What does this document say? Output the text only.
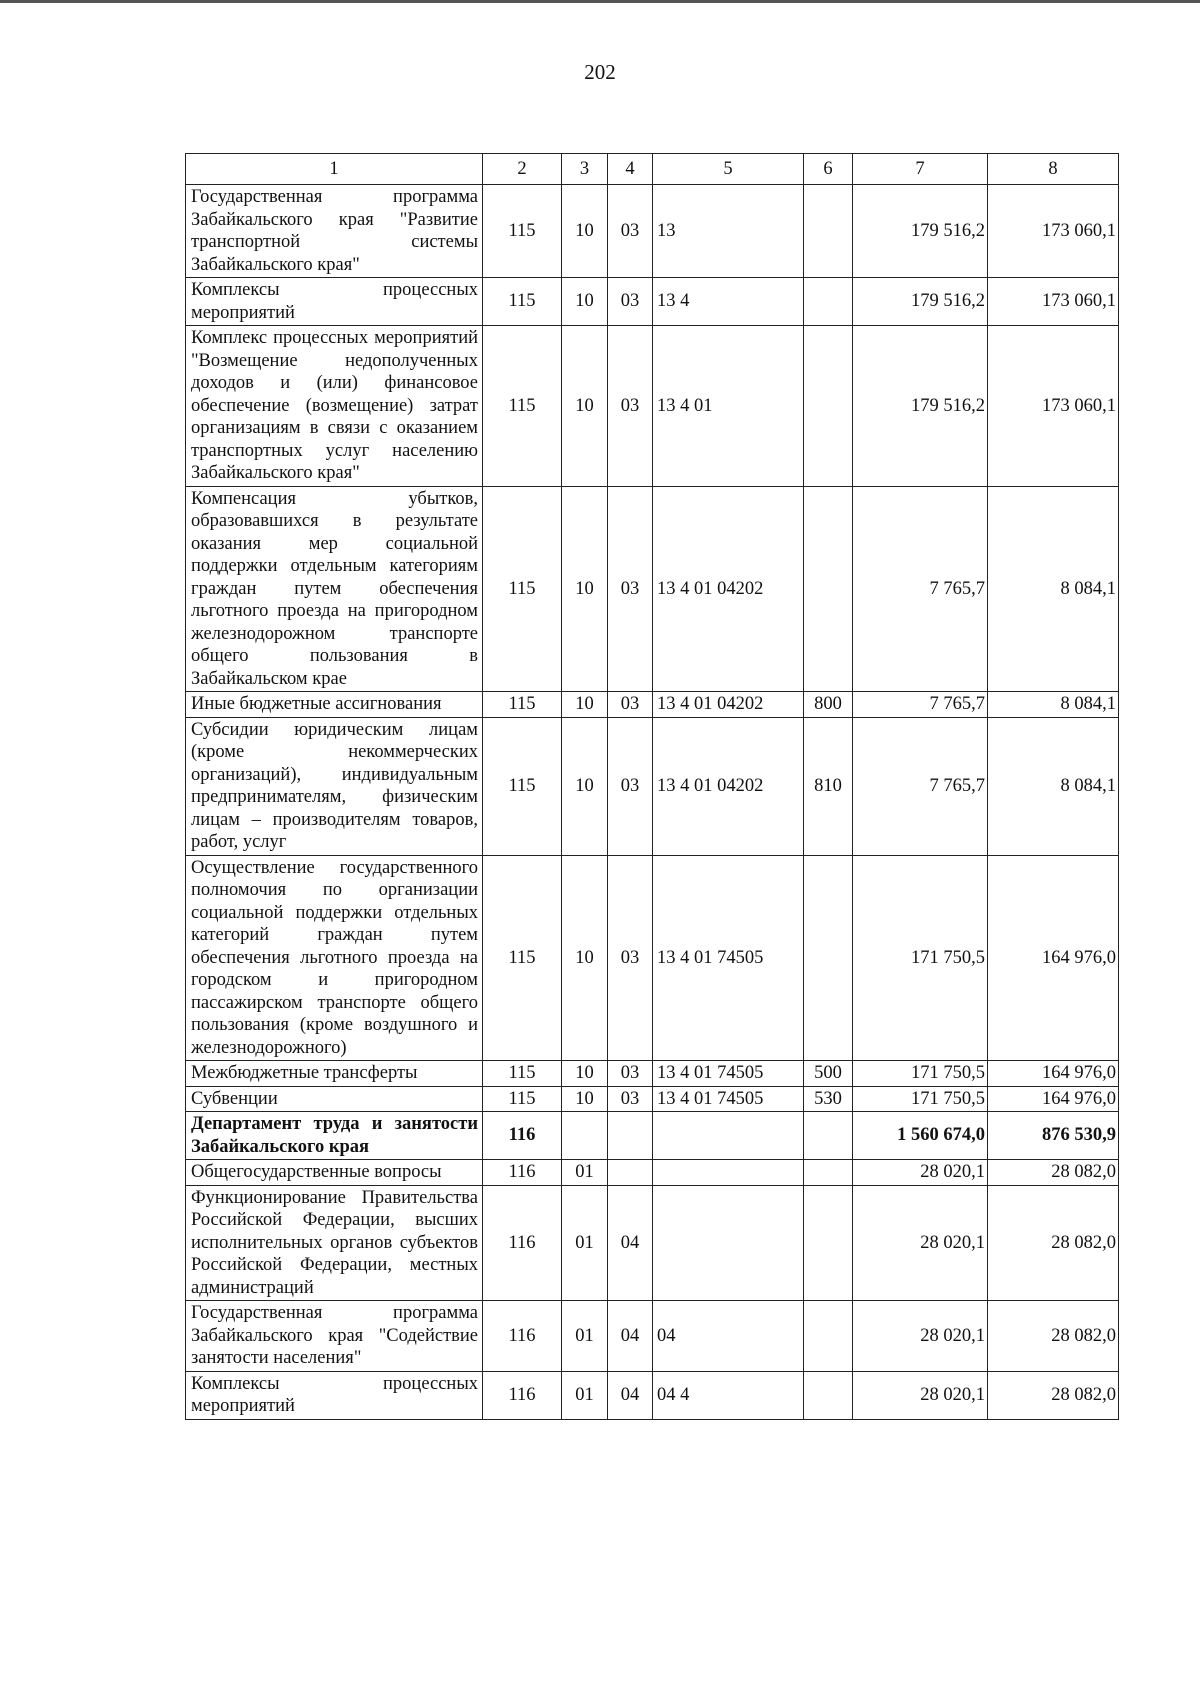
202
1	2	3	4	5	6	7	8
Государственная программа Забайкальского края "Развитие транспортной системы Забайкальского края"	115	10	03	13		179 516,2	173 060,1
Комплексы процессных мероприятий	115	10	03	13 4		179 516,2	173 060,1
Комплекс процессных мероприятий "Возмещение недополученных доходов и (или) финансовое обеспечение (возмещение) затрат организациям в связи с оказанием транспортных услуг населению Забайкальского края"	115	10	03	13 4 01		179 516,2	173 060,1
Компенсация убытков, образовавшихся в результате оказания мер социальной поддержки отдельным категориям граждан путем обеспечения льготного проезда на пригородном железнодорожном транспорте общего пользования в Забайкальском крае	115	10	03	13 4 01 04202		7 765,7	8 084,1
Иные бюджетные ассигнования	115	10	03	13 4 01 04202	800	7 765,7	8 084,1
Субсидии юридическим лицам (кроме некоммерческих организаций), индивидуальным предпринимателям, физическим лицам – производителям товаров, работ, услуг	115	10	03	13 4 01 04202	810	7 765,7	8 084,1
Осуществление государственного полномочия по организации социальной поддержки отдельных категорий граждан путем обеспечения льготного проезда на городском и пригородном пассажирском транспорте общего пользования (кроме воздушного и железнодорожного)	115	10	03	13 4 01 74505		171 750,5	164 976,0
Межбюджетные трансферты	115	10	03	13 4 01 74505	500	171 750,5	164 976,0
Субвенции	115	10	03	13 4 01 74505	530	171 750,5	164 976,0
Департамент труда и занятости Забайкальского края	116					1 560 674,0	876 530,9
Общегосударственные вопросы	116	01				28 020,1	28 082,0
Функционирование Правительства Российской Федерации, высших исполнительных органов субъектов Российской Федерации, местных администраций	116	01	04			28 020,1	28 082,0
Государственная программа Забайкальского края "Содействие занятости населения"	116	01	04	04		28 020,1	28 082,0
Комплексы процессных мероприятий	116	01	04	04 4		28 020,1	28 082,0
